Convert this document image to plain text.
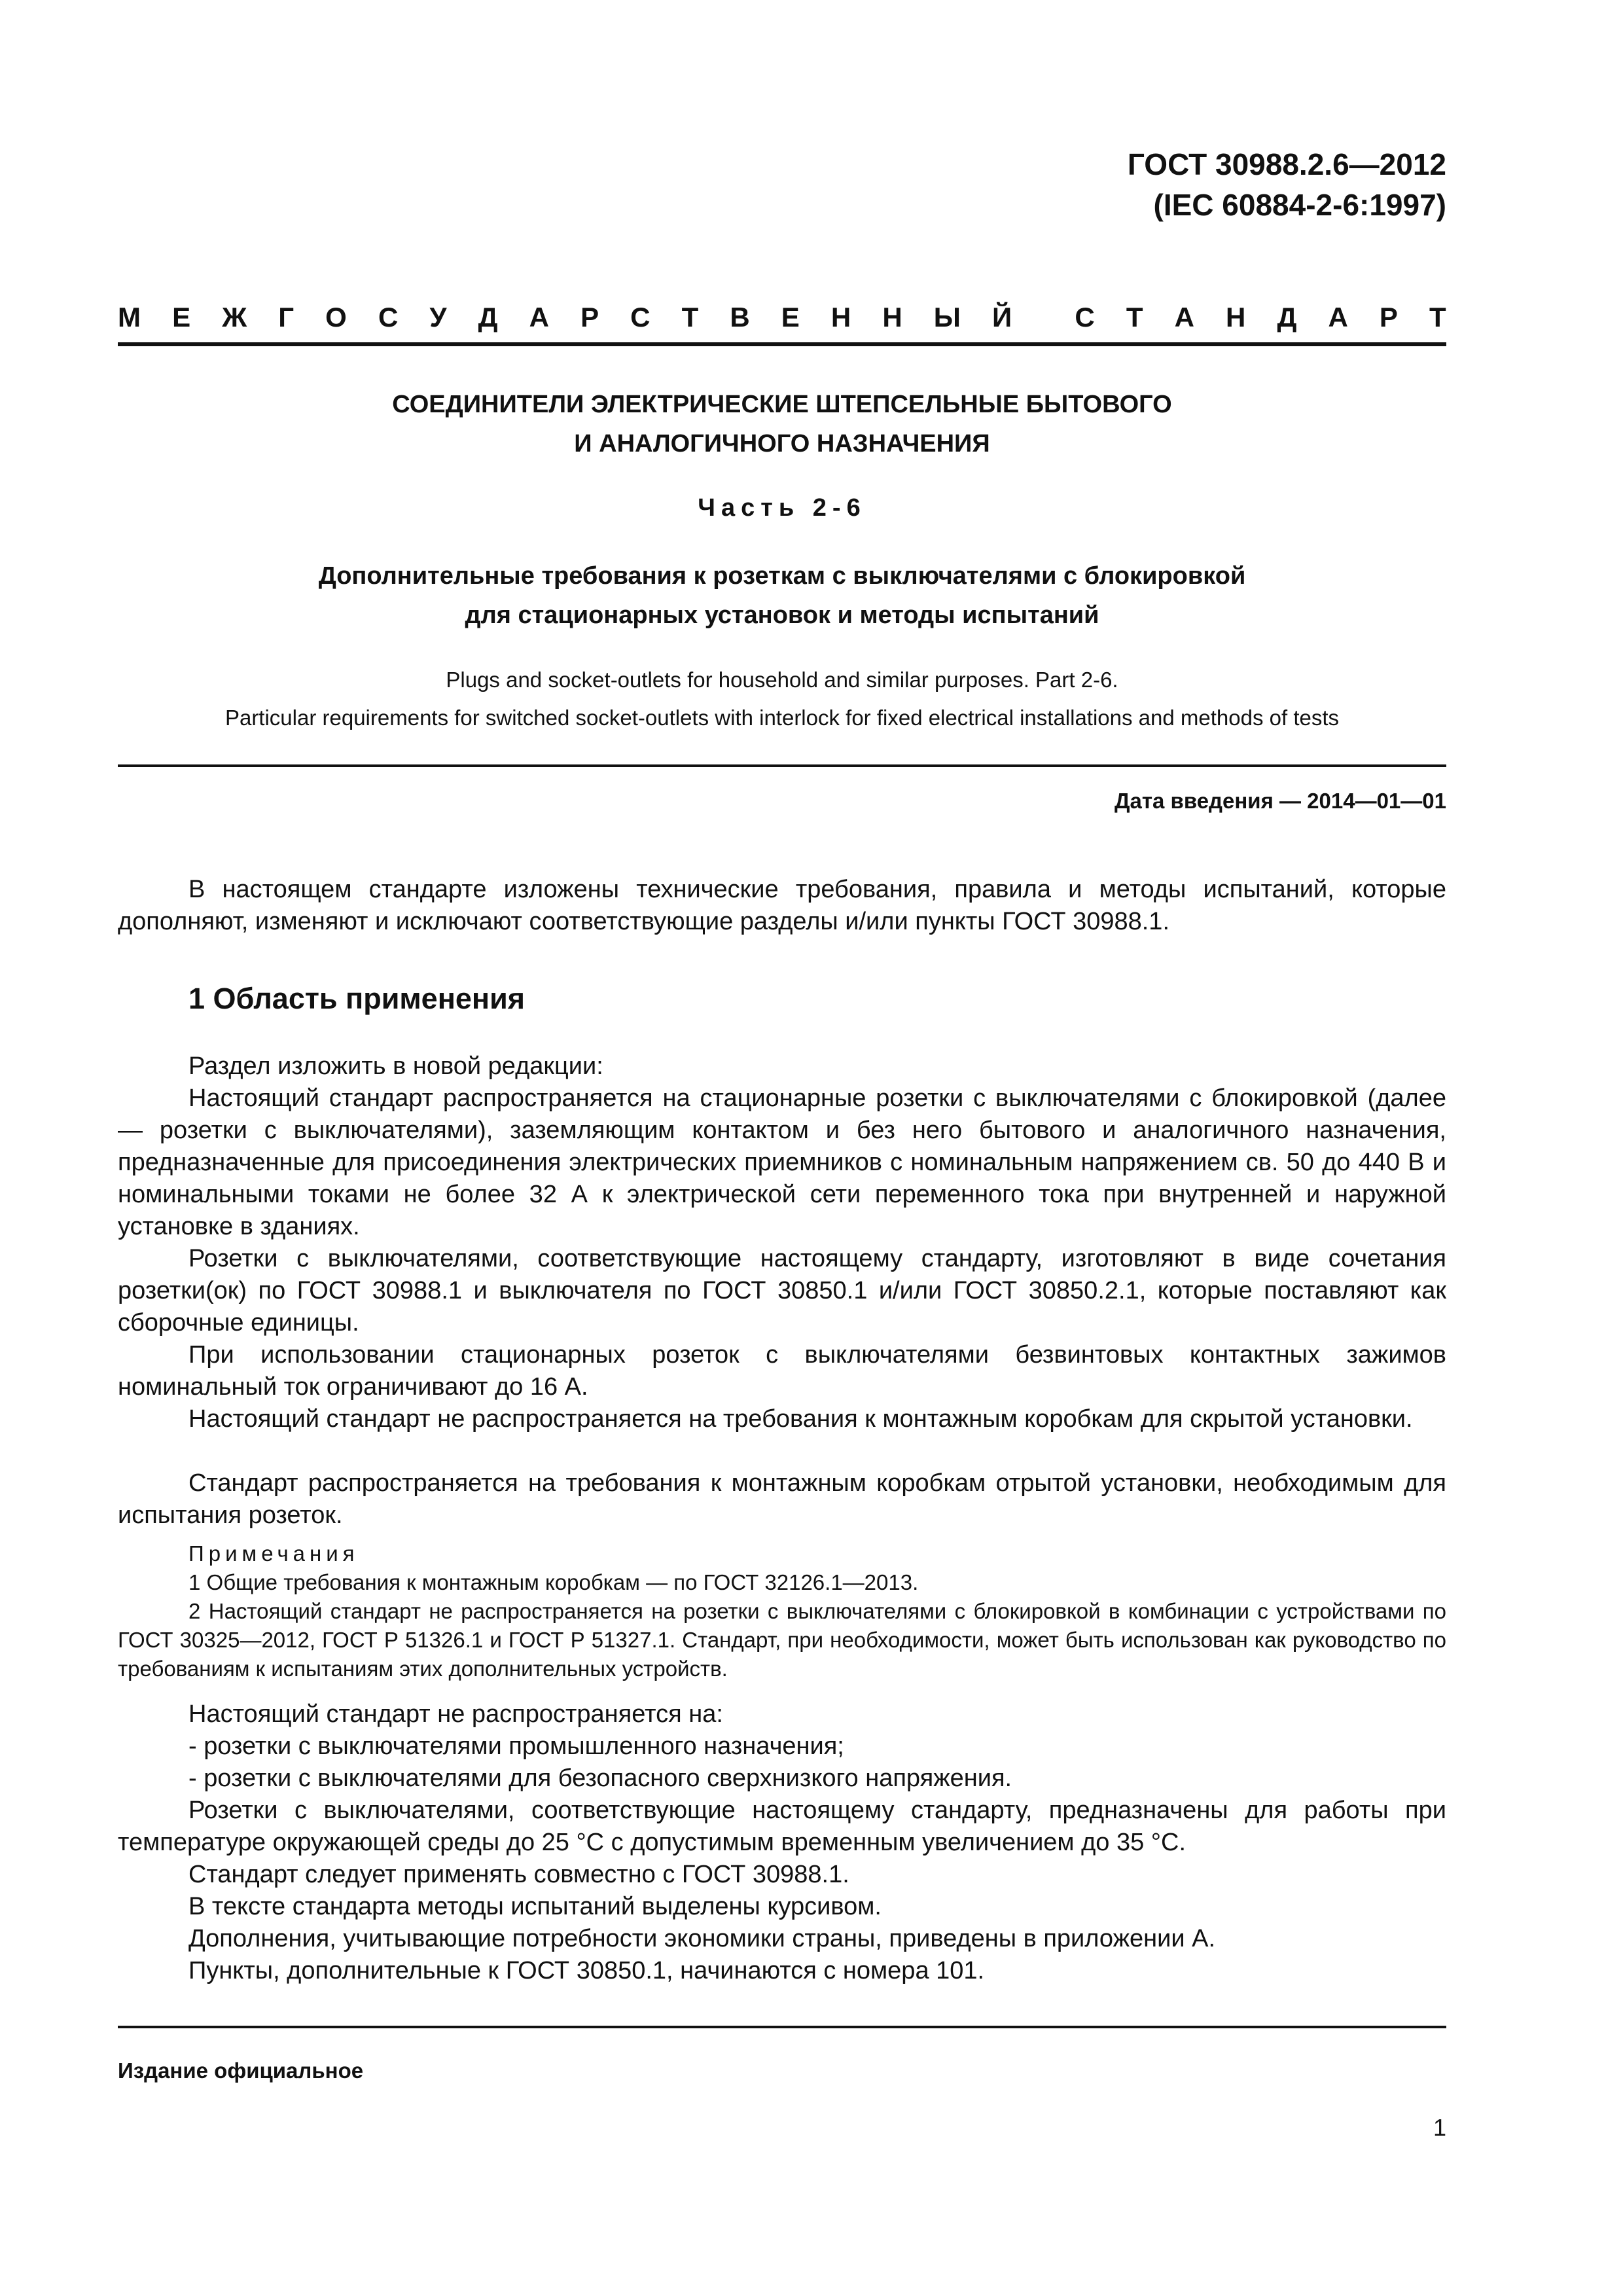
ГОСТ 30988.2.6—2012
(IEC 60884-2-6:1997)
М Е Ж Г О С У Д А Р С Т В Е Н Н Ы Й С Т А Н Д А Р Т
СОЕДИНИТЕЛИ ЭЛЕКТРИЧЕСКИЕ ШТЕПСЕЛЬНЫЕ БЫТОВОГО
И АНАЛОГИЧНОГО НАЗНАЧЕНИЯ
Часть 2-6
Дополнительные требования к розеткам с выключателями с блокировкой
для стационарных установок и методы испытаний
Plugs and socket-outlets for household and similar purposes. Part 2-6.
Particular requirements for switched socket-outlets with interlock for fixed electrical installations and methods of tests
Дата введения — 2014—01—01
В настоящем стандарте изложены технические требования, правила и методы испытаний, которые дополняют, изменяют и исключают соответствующие разделы и/или пункты ГОСТ 30988.1.
1 Область применения
Раздел изложить в новой редакции:
Настоящий стандарт распространяется на стационарные розетки с выключателями с блокировкой (далее — розетки с выключателями), заземляющим контактом и без него бытового и аналогичного назначения, предназначенные для присоединения электрических приемников с номинальным напряжением св. 50 до 440 В и номинальными токами не более 32 А к электрической сети переменного тока при внутренней и наружной установке в зданиях.
Розетки с выключателями, соответствующие настоящему стандарту, изготовляют в виде сочетания розетки(ок) по ГОСТ 30988.1 и выключателя по ГОСТ 30850.1 и/или ГОСТ 30850.2.1, которые поставляют как сборочные единицы.
При использовании стационарных розеток с выключателями безвинтовых контактных зажимов номинальный ток ограничивают до 16 А.
Настоящий стандарт не распространяется на требования к монтажным коробкам для скрытой установки.
Стандарт распространяется на требования к монтажным коробкам отрытой установки, необходимым для испытания розеток.
Примечания
1 Общие требования к монтажным коробкам — по ГОСТ 32126.1—2013.
2 Настоящий стандарт не распространяется на розетки с выключателями с блокировкой в комбинации с устройствами по ГОСТ 30325—2012, ГОСТ Р 51326.1 и ГОСТ Р 51327.1. Стандарт, при необходимости, может быть использован как руководство по требованиям к испытаниям этих дополнительных устройств.
Настоящий стандарт не распространяется на:
- розетки с выключателями промышленного назначения;
- розетки с выключателями для безопасного сверхнизкого напряжения.
Розетки с выключателями, соответствующие настоящему стандарту, предназначены для работы при температуре окружающей среды до 25 °С с допустимым временным увеличением до 35 °С.
Стандарт следует применять совместно с ГОСТ 30988.1.
В тексте стандарта методы испытаний выделены курсивом.
Дополнения, учитывающие потребности экономики страны, приведены в приложении А.
Пункты, дополнительные к ГОСТ 30850.1, начинаются с номера 101.
Издание официальное
1
